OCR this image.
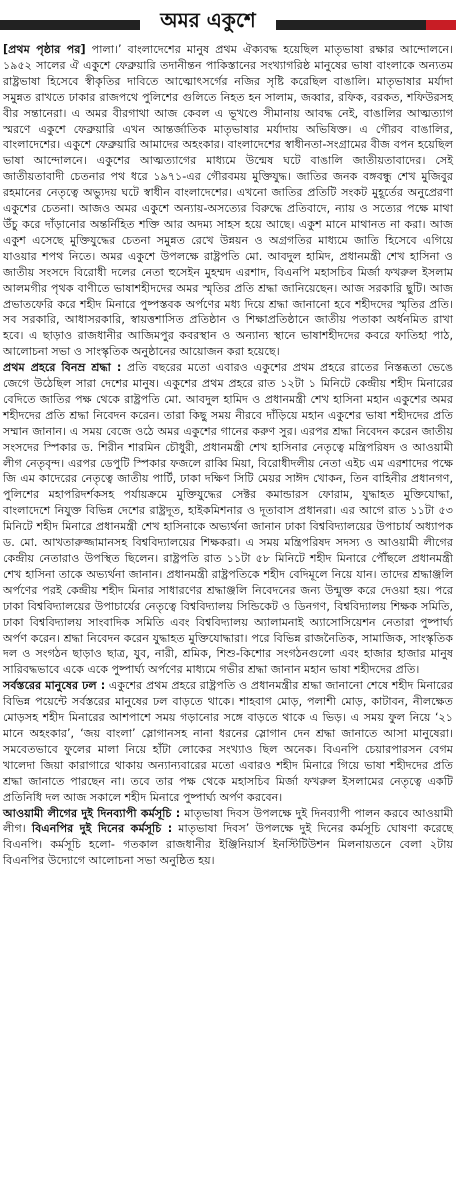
অমর একুশে

[প্রথম পৃষ্ঠার পর] পালা।’ বাংলাদেশের মানুষ প্রথম ঐক্যবদ্ধ হয়েছিল মাতৃভাষা রক্ষার আন্দোলনে। ১৯৫২ সালের ঐ একুশে ফেব্রুয়ারি তদানীন্তন পাকিস্তানের সংখ্যাগরিষ্ঠ মানুষের ভাষা বাংলাকে অন্যতম রাষ্ট্রভাষা হিসেবে স্বীকৃতির দাবিতে আত্মোৎসর্গের নজির সৃষ্টি করেছিল বাঙালি। মাতৃভাষার মর্যাদা সমুন্নত রাখতে ঢাকার রাজপথে পুলিশের গুলিতে নিহত হন সালাম, জব্বার, রফিক, বরকত, শফিউরসহ বীর সন্তানেরা। এ অমর বীরগাথা আজ কেবল এ ভূখণ্ডে সীমানায় আবদ্ধ নেই, বাঙালির আত্মত্যাগ স্মরণে একুশে ফেব্রুয়ারি এখন আন্তর্জাতিক মাতৃভাষার মর্যাদায় অভিষিক্ত। এ গৌরব বাঙালির, বাংলাদেশের। একুশে ফেব্রুয়ারি আমাদের অহংকার। বাংলাদেশের স্বাধীনতা-সংগ্রামের বীজ বপন হয়েছিল ভাষা আন্দোলনে। একুশের আত্মত্যাগের মাধ্যমে উন্মেষ ঘটে বাঙালি জাতীয়তাবাদের। সেই জাতীয়তাবাদী চেতনার পথ ধরে ১৯৭১-এর গৌরবময় মুক্তিযুদ্ধ। জাতির জনক বঙ্গবন্ধু শেখ মুজিবুর রহমানের নেতৃত্বে অভ্যুদয় ঘটে স্বাধীন বাংলাদেশের। এখনো জাতির প্রতিটি সংকট মুহূর্তের অনুপ্রেরণা একুশের চেতনা। আজও অমর একুশে অন্যায়-অসত্যের বিরুদ্ধে প্রতিবাদে, ন্যায় ও সত্যের পক্ষে মাথা উঁচু করে দাঁড়ানোর অন্তর্নিহিত শক্তি আর অদম্য সাহস হয়ে আছে। একুশ মানে মাথানত না করা। আজ একুশ এসেছে মুক্তিযুদ্ধের চেতনা সমুন্নত রেখে উন্নয়ন ও অগ্রগতির মাধ্যমে জাতি হিসেবে এগিয়ে যাওয়ার শপথ নিতে। অমর একুশে উপলক্ষে রাষ্ট্রপতি মো. আবদুল হামিদ, প্রধানমন্ত্রী শেখ হাসিনা ও জাতীয় সংসদে বিরোধী দলের নেতা হুসেইন মুহম্মদ এরশাদ, বিএনপি মহাসচিব মির্জা ফখরুল ইসলাম আলমগীর পৃথক বাণীতে ভাষাশহীদদের অমর স্মৃতির প্রতি শ্রদ্ধা জানিয়েছেন। আজ সরকারি ছুটি। আজ প্রভাতফেরি করে শহীদ মিনারে পুষ্পস্তবক অর্পণের মধ্য দিয়ে শ্রদ্ধা জানানো হবে শহীদদের স্মৃতির প্রতি। সব সরকারি, আধাসরকারি, স্বায়ত্তশাসিত প্রতিষ্ঠান ও শিক্ষাপ্রতিষ্ঠানে জাতীয় পতাকা অর্ধনমিত রাখা হবে। এ ছাড়াও রাজধানীর আজিমপুর কবরস্থান ও অন্যান্য স্থানে ভাষাশহীদদের কবরে ফাতিহা পাঠ, আলোচনা সভা ও সাংস্কৃতিক অনুষ্ঠানের আয়োজন করা হয়েছে।

প্রথম প্রহরে বিনম্র শ্রদ্ধা : প্রতি বছরের মতো এবারও একুশের প্রথম প্রহরে রাতের নিস্তব্ধতা ভেঙে জেগে উঠেছিল সারা দেশের মানুষ। একুশের প্রথম প্রহরে রাত ১২টা ১ মিনিটে কেন্দ্রীয় শহীদ মিনারের বেদিতে জাতির পক্ষ থেকে রাষ্ট্রপতি মো. আবদুল হামিদ ও প্রধানমন্ত্রী শেখ হাসিনা মহান একুশের অমর শহীদদের প্রতি শ্রদ্ধা নিবেদন করেন। তারা কিছু সময় নীরবে দাঁড়িয়ে মহান একুশের ভাষা শহীদদের প্রতি সম্মান জানান। এ সময় বেজে ওঠে অমর একুশের গানের করুণ সুর। এরপর শ্রদ্ধা নিবেদন করেন জাতীয় সংসদের স্পিকার ড. শিরীন শারমিন চৌধুরী, প্রধানমন্ত্রী শেখ হাসিনার নেতৃত্বে মন্ত্রিপরিষদ ও আওয়ামী লীগ নেতৃবৃন্দ। এরপর ডেপুটি স্পিকার ফজলে রাব্বি মিয়া, বিরোধীদলীয় নেতা এইচ এম এরশাদের পক্ষে জি এম কাদেরের নেতৃত্বে জাতীয় পার্টি, ঢাকা দক্ষিণ সিটি মেয়র সাঈদ খোকন, তিন বাহিনীর প্রধানগণ, পুলিশের মহাপরিদর্শকসহ পর্যায়ক্রমে মুক্তিযুদ্ধের সেক্টর কমান্ডারস ফোরাম, যুদ্ধাহত মুক্তিযোদ্ধা, বাংলাদেশে নিযুক্ত বিভিন্ন দেশের রাষ্ট্রদূত, হাইকমিশনার ও দূতাবাস প্রধানরা। এর আগে রাত ১১টা ৫৩ মিনিটে শহীদ মিনারে প্রধানমন্ত্রী শেখ হাসিনাকে অভ্যর্থনা জানান ঢাকা বিশ্ববিদ্যালয়ের উপাচার্য অধ্যাপক ড. মো. আখতারুজ্জামানসহ বিশ্ববিদ্যালয়ের শিক্ষকরা। এ সময় মন্ত্রিপরিষদ সদস্য ও আওয়ামী লীগের কেন্দ্রীয় নেতারাও উপস্থিত ছিলেন। রাষ্ট্রপতি রাত ১১টা ৫৮ মিনিটে শহীদ মিনারে পৌঁছলে প্রধানমন্ত্রী শেখ হাসিনা তাকে অভ্যর্থনা জানান। প্রধানমন্ত্রী রাষ্ট্রপতিকে শহীদ বেদিমূলে নিয়ে যান। তাদের শ্রদ্ধাঞ্জলি অর্পণের পরই কেন্দ্রীয় শহীদ মিনার সাধারণের শ্রদ্ধাঞ্জলি নিবেদনের জন্য উন্মুক্ত করে দেওয়া হয়। পরে ঢাকা বিশ্ববিদ্যালয়ের উপাচার্যের নেতৃত্বে বিশ্ববিদ্যালয় সিন্ডিকেট ও ডিনগণ, বিশ্ববিদ্যালয় শিক্ষক সমিতি, ঢাকা বিশ্ববিদ্যালয় সাংবাদিক সমিতি এবং বিশ্ববিদ্যালয় অ্যালামনাই অ্যাসোসিয়েশন নেতারা পুষ্পার্ঘ্য অর্পণ করেন। শ্রদ্ধা নিবেদন করেন যুদ্ধাহত মুক্তিযোদ্ধারা। পরে বিভিন্ন রাজনৈতিক, সামাজিক, সাংস্কৃতিক দল ও সংগঠন ছাড়াও ছাত্র, যুব, নারী, শ্রমিক, শিশু-কিশোর সংগঠনগুলো এবং হাজার হাজার মানুষ সারিবদ্ধভাবে একে একে পুষ্পার্ঘ্য অর্পণের মাধ্যমে গভীর শ্রদ্ধা জানান মহান ভাষা শহীদদের প্রতি।

সর্বস্তরের মানুষের ঢল : একুশের প্রথম প্রহরে রাষ্ট্রপতি ও প্রধানমন্ত্রীর শ্রদ্ধা জানানো শেষে শহীদ মিনারের বিভিন্ন পয়েন্টে সর্বস্তরের মানুষের ঢল বাড়তে থাকে। শাহবাগ মোড়, পলাশী মোড়, কাটাবন, নীলক্ষেত মোড়সহ শহীদ মিনারের আশপাশে সময় গড়ানোর সঙ্গে বাড়তে থাকে এ ভিড়। এ সময় ফুল নিয়ে ‘২১ মানে অহংকার’, ‘জয় বাংলা’ স্লোগানসহ নানা ধরনের স্লোগান দেন শ্রদ্ধা জানাতে আসা মানুষেরা। সমবেতভাবে ফুলের মালা নিয়ে হাঁটা লোকের সংখ্যাও ছিল অনেক। বিএনপি চেয়ারপারসন বেগম খালেদা জিয়া কারাগারে থাকায় অন্যান্যবারের মতো এবারও শহীদ মিনারে গিয়ে ভাষা শহীদদের প্রতি শ্রদ্ধা জানাতে পারছেন না। তবে তার পক্ষ থেকে মহাসচিব মির্জা ফখরুল ইসলামের নেতৃত্বে একটি প্রতিনিধি দল আজ সকালে শহীদ মিনারে পুষ্পার্ঘ্য অর্পণ করবেন।

আওয়ামী লীগের দুই দিনব্যাপী কর্মসূচি : মাতৃভাষা দিবস উপলক্ষে দুই দিনব্যাপী পালন করবে আওয়ামী লীগ। বিএনপির দুই দিনের কর্মসূচি : মাতৃভাষা দিবস’ উপলক্ষে দুই দিনের কর্মসূচি ঘোষণা করেছে বিএনপি। কর্মসূচি হলো- গতকাল রাজধানীর ইঞ্জিনিয়ার্স ইনস্টিটিউশন মিলনায়তনে বেলা ২টায় বিএনপির উদ্যোগে আলোচনা সভা অনুষ্ঠিত হয়।
